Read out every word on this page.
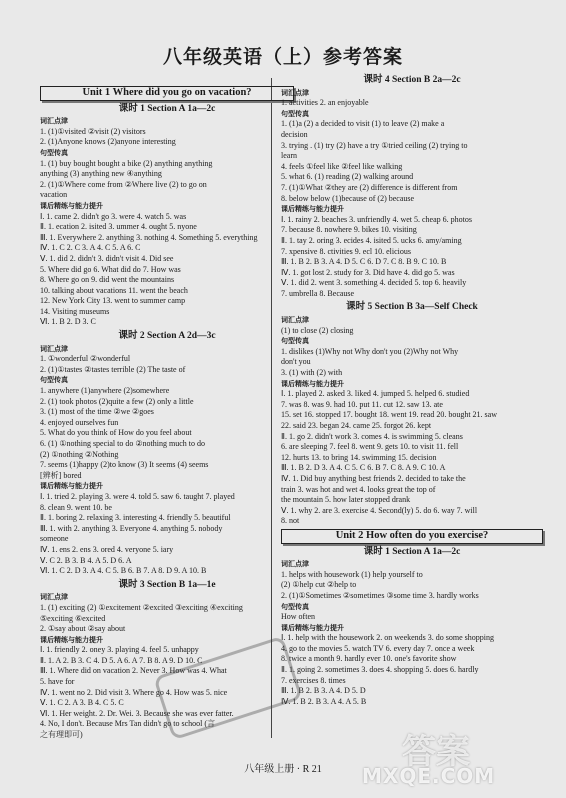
八年级英语（上）参考答案
Unit 1 Where did you go on vacation?
课时 1 Section A 1a—2c
词汇点津
1. (1)①visited ②visit (2) visitors
2. (1)Anyone knows (2)anyone interesting
句型传真
1. (1) buy bought bought a bike (2) anything anything
anything (3) anything new ④anything
2. (1)①Where come from ②Where live (2) to go on
vacation
课后精练与能力提升
Ⅰ. 1. came 2. didn't go 3. were 4. watch 5. was
Ⅱ. 1. ecation 2. isited 3. ummer 4. ought 5. nyone
Ⅲ. 1. Everywhere 2. anything 3. nothing 4. Something 5. everything
Ⅳ. 1. C 2. C 3. A 4. C 5. A 6. C
Ⅴ. 1. did 2. didn't 3. didn't visit 4. Did see
5. Where did go 6. What did do 7. How was
8. Where go on 9. did went the mountains
10. talking about vacations 11. went the beach
12. New York City 13. went to summer camp
14. Visiting museums
Ⅵ. 1. B 2. D 3. C
课时 2 Section A 2d—3c
词汇点津
1. ①wonderful ②wonderful
2. (1)①tastes ②tastes terrible (2) The taste of
句型传真
1. anywhere (1)anywhere (2)somewhere
2. (1) took photos (2)quite a few (2) only a little
3. (1) most of the time ②we ②goes
4. enjoyed ourselves fun
5. What do you think of How do you feel about
6. (1) ①nothing special to do ②nothing much to do
(2) ①nothing ②Nothing
7. seems (1)happy (2)to know (3) It seems (4) seems
[辨析] bored
课后精练与能力提升
Ⅰ. 1. tried 2. playing 3. were 4. told 5. saw 6. taught 7. played
8. clean 9. went 10. be
Ⅱ. 1. boring 2. relaxing 3. interesting 4. friendly 5. beautiful
Ⅲ. 1. with 2. anything 3. Everyone 4. anything 5. nobody
someone
Ⅳ. 1. ens 2. ens 3. ored 4. veryone 5. iary
Ⅴ. C 2. B 3. B 4. A 5. D 6. A
Ⅵ. 1. C 2. D 3. A 4. C 5. B 6. B 7. A 8. D 9. A 10. B
课时 3 Section B 1a—1e
词汇点津
1. (1) exciting (2) ①excitement ②excited ③exciting ④exciting
⑤exciting ⑥excited
2. ①say about ②say about
课后精练与能力提升
Ⅰ. 1. friendly 2. oney 3. playing 4. feel 5. unhappy
Ⅱ. 1. A 2. B 3. C 4. D 5. A 6. A 7. B 8. A 9. D 10. C
Ⅲ. 1. Where did on vacation 2. Never 3. How was 4. What
5. have for
Ⅳ. 1. went no 2. Did visit 3. Where go 4. How was 5. nice
Ⅴ. 1. C 2. A 3. B 4. C 5. C
Ⅵ. 1. Her weight. 2. Dr. Wei. 3. Because she was ever fatter.
4. No, I don't. Because Mrs Tan didn't go to school (言
之有理即可)
课时 4 Section B 2a—2c
词汇点津
1. activities 2. an enjoyable
句型传真
1. (1)a (2) a decided to visit (1) to leave (2) make a
decision
3. trying . (1) try (2) have a try ①tried ceiling (2) trying to
learn
4. feels ①feel like ②feel like walking
5. what 6. (1) reading (2) walking around
7. (1)①What ②they are (2) difference is different from
8. below below (1)because of (2) because
课后精练与能力提升
Ⅰ. 1. rainy 2. beaches 3. unfriendly 4. wet 5. cheap 6. photos
7. because 8. nowhere 9. bikes 10. visiting
Ⅱ. 1. tay 2. oring 3. ecides 4. isited 5. ucks 6. amy/aming
7. xpensive 8. ctivities 9. ecl 10. elicious
Ⅲ. 1. B 2. B 3. A 4. D 5. C 6. D 7. C 8. B 9. C 10. B
Ⅳ. 1. got lost 2. study for 3. Did have 4. did go 5. was
Ⅴ. 1. did 2. went 3. something 4. decided 5. top 6. heavily
7. umbrella 8. Because
课时 5 Section B 3a—Self Check
词汇点津
(1) to close (2) closing
句型传真
1. dislikes (1)Why not Why don't you (2)Why not Why
don't you
3. (1) with (2) with
课后精练与能力提升
Ⅰ. 1. played 2. asked 3. liked 4. jumped 5. helped 6. studied
7. was 8. was 9. had 10. put 11. cut 12. saw 13. ate
15. set 16. stopped 17. bought 18. went 19. read 20. bought 21. saw
22. said 23. began 24. came 25. forgot 26. kept
Ⅱ. 1. go 2. didn't work 3. comes 4. is swimming 5. cleans
6. are sleeping 7. feel 8. went 9. gets 10. to visit 11. fell
12. hurts 13. to bring 14. swimming 15. decision
Ⅲ. 1. B 2. D 3. A 4. C 5. C 6. B 7. C 8. A 9. C 10. A
Ⅳ. 1. Did buy anything best friends 2. decided to take the
train 3. was hot and wet 4. looks great the top of
the mountain 5. how later stopped drank
Ⅴ. 1. why 2. are 3. exercise 4. Second(ly) 5. do 6. way 7. will
8. not
Unit 2 How often do you exercise?
课时 1 Section A 1a—2c
词汇点津
1. helps with housework (1) help yourself to
(2) ①help cut ②help to
2. (1)①Sometimes ②sometimes ③some time 3. hardly works
句型传真
How often
课后精练与能力提升
Ⅰ. 1. help with the housework 2. on weekends 3. do some shopping
4. go to the movies 5. watch TV 6. every day 7. once a week
8. twice a month 9. hardly ever 10. one's favorite show
Ⅱ. 1. going 2. sometimes 3. does 4. shopping 5. does 6. hardly
7. exercises 8. times
Ⅲ. 1. B 2. B 3. A 4. D 5. D
Ⅳ. 1. B 2. B 3. A 4. A 5. B
答案
MXQE.COM
八年级上册 · R 21
